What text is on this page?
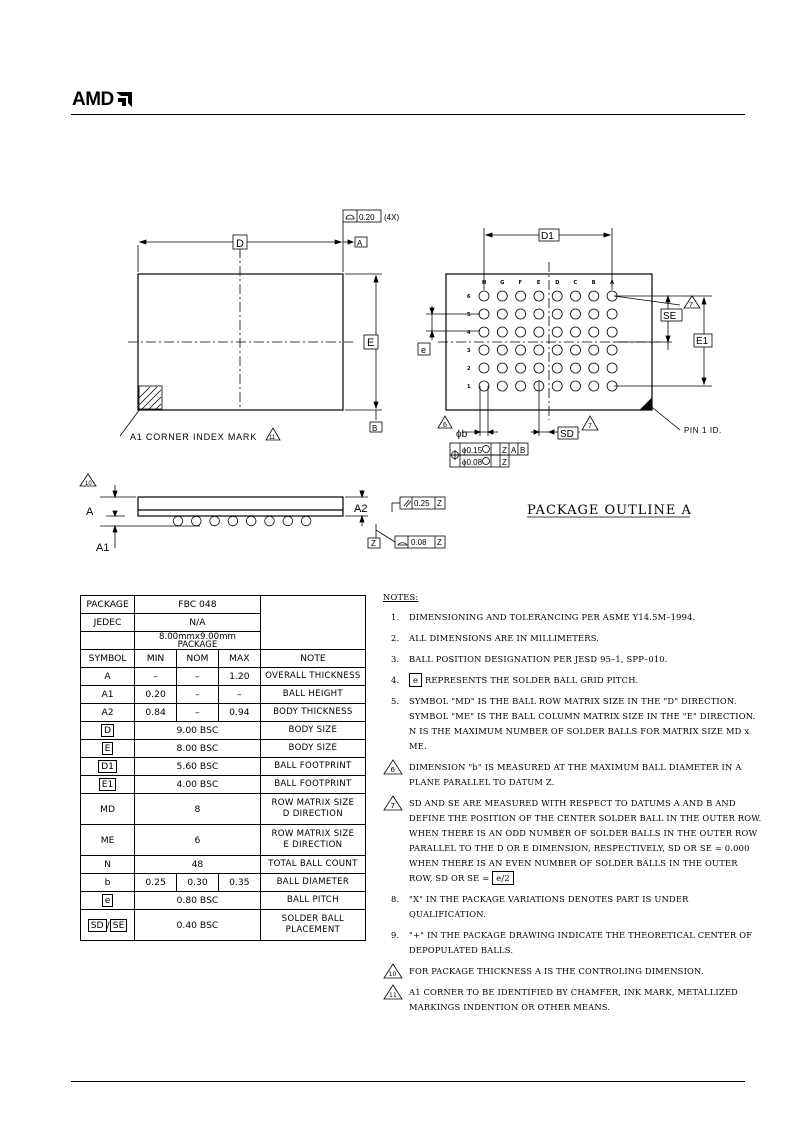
AMD
D
E
A
B
0.20 (4X)
A1 CORNER INDEX MARK 11
D1
E1
SE
SD
e
7
7
6
ϕb	PIN 1 ID.
ϕ0.15 Z A B
ϕ0.08 Z
10
A
A1
A2	0.25 Z
0.08 Z
Z
PACKAGE OUTLINE A
H	G	F	E	D	C	B	A
6
5
4
3
2
1
PACKAGE	FBC 048			
JEDEC	N/A			

	8.00mmx9.00mm
PACKAGE			

SYMBOL	MIN	NOM	MAX	NOTE
A	–	–	1.20	OVERALL THICKNESS
A1	0.20	–	–	BALL HEIGHT
A2	0.84	–	0.94	BODY THICKNESS
D	9.00 BSC			BODY SIZE
E	8.00 BSC			BODY SIZE
D1	5.60 BSC			BALL FOOTPRINT
E1	4.00 BSC			BALL FOOTPRINT
MD	8			ROW MATRIX SIZE
D DIRECTION

ME	6			ROW MATRIX SIZE
E DIRECTION

N	48			TOTAL BALL COUNT
b	0.25	0.30	0.35	BALL DIAMETER
e	0.80 BSC			BALL PITCH
SD / SE	0.40 BSC			SOLDER BALL
PLACEMENT
NOTES:
1. DIMENSIONING AND TOLERANCING PER ASME Y14.5M–1994.
2. ALL DIMENSIONS ARE IN MILLIMETERS.
3. BALL POSITION DESIGNATION PER JESD 95–1, SPP–010.
4. e REPRESENTS THE SOLDER BALL GRID PITCH.
5. SYMBOL "MD" IS THE BALL ROW MATRIX SIZE IN THE "D" DIRECTION. SYMBOL "ME" IS THE BALL COLUMN MATRIX SIZE IN THE "E" DIRECTION. N IS THE MAXIMUM NUMBER OF SOLDER BALLS FOR MATRIX SIZE MD x ME.
6 DIMENSION "b" IS MEASURED AT THE MAXIMUM BALL DIAMETER IN A PLANE PARALLEL TO DATUM Z.
7 SD AND SE ARE MEASURED WITH RESPECT TO DATUMS A AND B AND DEFINE THE POSITION OF THE CENTER SOLDER BALL IN THE OUTER ROW. WHEN THERE IS AN ODD NUMBER OF SOLDER BALLS IN THE OUTER ROW PARALLEL TO THE D OR E DIMENSION, RESPECTIVELY, SD OR SE = 0.000 WHEN THERE IS AN EVEN NUMBER OF SOLDER BALLS IN THE OUTER ROW, SD OR SE = e/2
8. "X" IN THE PACKAGE VARIATIONS DENOTES PART IS UNDER QUALIFICATION.
9. "+" IN THE PACKAGE DRAWING INDICATE THE THEORETICAL CENTER OF DEPOPULATED BALLS.
10 FOR PACKAGE THICKNESS A IS THE CONTROLING DIMENSION.
11 A1 CORNER TO BE IDENTIFIED BY CHAMFER, INK MARK, METALLIZED MARKINGS INDENTION OR OTHER MEANS.
